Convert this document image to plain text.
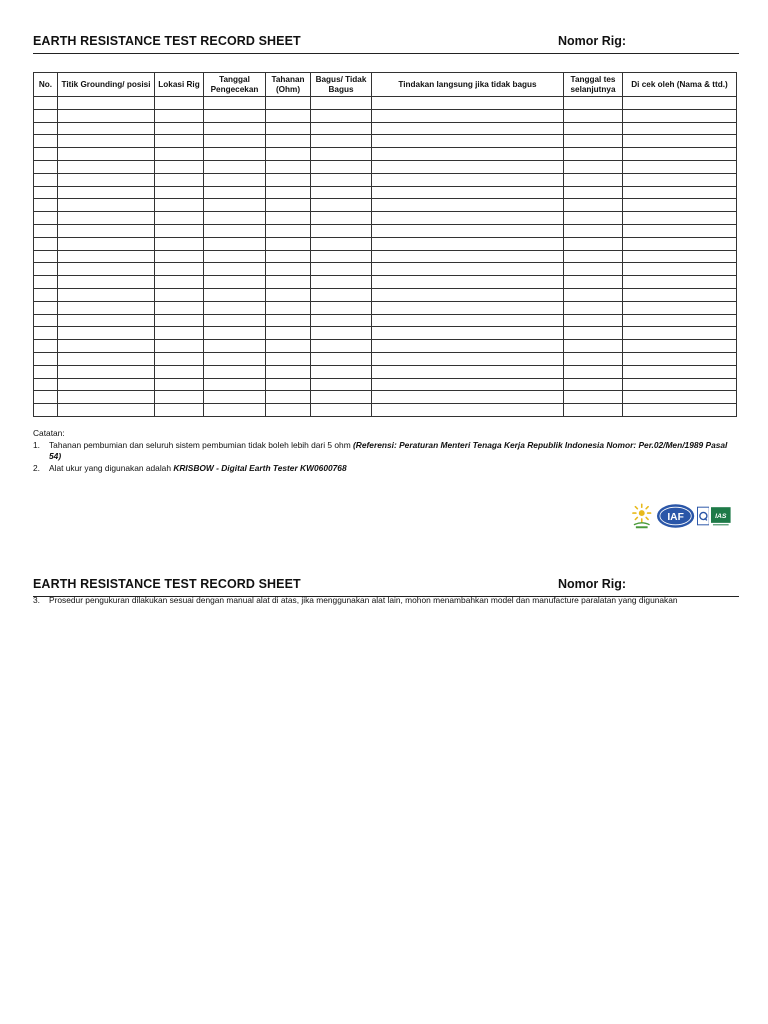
EARTH RESISTANCE TEST RECORD SHEET	Nomor Rig:
No.	Titik Grounding/ posisi	Lokasi Rig	Tanggal Pengecekan	Tahanan (Ohm)	Bagus/ Tidak Bagus	Tindakan langsung jika tidak bagus	Tanggal tes selanjutnya	Di cek oleh (Nama & ttd.)

Catatan:
1. Tahanan pembumian dan seluruh sistem pembumian tidak boleh lebih dari 5 ohm (Referensi: Peraturan Menteri Tenaga Kerja Republik Indonesia Nomor: Per.02/Men/1989 Pasal 54)
2. Alat ukur yang digunakan adalah KRISBOW - Digital Earth Tester KW0600768
IAF	IAS
EARTH RESISTANCE TEST RECORD SHEET	Nomor Rig:
3. Prosedur pengukuran dilakukan sesuai dengan manual alat di atas, jika menggunakan alat lain, mohon menambahkan model dan manufacture paralatan yang digunakan
